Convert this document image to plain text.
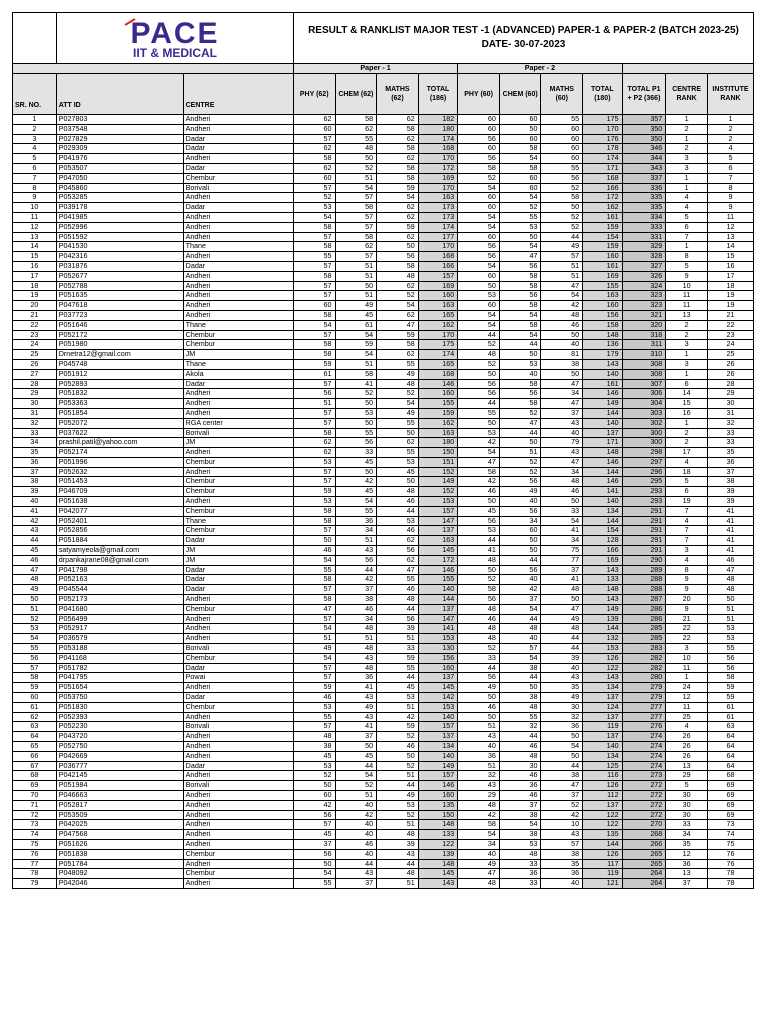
PACE
IIT & MEDICAL		RESULT & RANKLIST MAJOR TEST -1 (ADVANCED) PAPER-1 & PAPER-2 (BATCH 2023-25) DATE- 30-07-2023										
			Paper - 1				Paper - 2						
SR. NO.	ATT ID	CENTRE	PHY (62)	CHEM (62)	MATHS (62)	TOTAL (186)	PHY (60)	CHEM (60)	MATHS (60)	TOTAL (180)	TOTAL P1 + P2 (366)	CENTRE RANK	INSTITUTE RANK
1	P027803	Andheri	62	58	62	182	60	60	55	175	357	1	1
2	P037548	Andheri	60	62	58	180	60	50	60	170	350	2	2
3	P027829	Dadar	57	55	62	174	56	60	60	176	350	1	2
4	P029309	Dadar	62	48	58	168	60	58	60	178	346	2	4
5	P041976	Andheri	58	50	62	170	56	54	60	174	344	3	5
6	P053507	Dadar	62	52	58	172	58	58	55	171	343	3	6
7	P047050	Chembur	60	51	58	169	52	60	56	168	337	1	7
8	P045860	Borivali	57	54	59	170	54	60	52	166	336	1	8
9	P053285	Andheri	52	57	54	163	60	54	58	172	335	4	9
10	P039178	Dadar	53	58	62	173	60	52	50	162	335	4	9
11	P041985	Andheri	54	57	62	173	54	55	52	161	334	5	11
12	P052996	Andheri	58	57	59	174	54	53	52	159	333	6	12
13	P051592	Andheri	57	58	62	177	60	50	44	154	331	7	13
14	P041530	Thane	58	62	50	170	56	54	49	159	329	1	14
15	P042316	Andheri	55	57	56	168	56	47	57	160	328	8	15
16	P031876	Dadar	57	51	58	166	54	56	51	161	327	5	16
17	P052677	Andheri	58	51	48	157	60	58	51	169	326	9	17
18	P052788	Andheri	57	50	62	169	50	58	47	155	324	10	18
19	P051635	Andheri	57	51	52	160	53	56	54	163	323	11	19
20	P047618	Andheri	60	49	54	163	60	58	42	160	323	11	19
21	P037723	Andheri	58	45	62	165	54	54	48	156	321	13	21
22	P051646	Thane	54	61	47	162	54	58	46	158	320	2	22
23	P052172	Chembur	57	54	59	170	44	54	50	148	318	2	23
24	P051980	Chembur	58	59	58	175	52	44	40	136	311	3	24
25	Drnetra12@gmail.com	JM	58	54	62	174	48	50	81	179	310	1	25
26	P045748	Thane	59	51	55	165	52	53	38	143	308	3	26
27	P051912	Akola	61	58	49	168	50	40	50	140	308	1	26
28	P052893	Dadar	57	41	48	146	56	58	47	161	307	6	28
29	P051832	Andheri	56	52	52	160	56	56	34	146	306	14	29
30	P053363	Andheri	51	50	54	155	44	58	47	149	304	15	30
31	P051854	Andheri	57	53	49	159	55	52	37	144	303	16	31
32	P052072	RGA center	57	50	55	162	50	47	43	140	302	1	32
33	P037622	Borivali	58	55	50	163	53	44	40	137	300	2	33
34	prashil.patil@yahoo.com	JM	62	56	62	180	42	50	79	171	300	2	33
35	P052174	Andheri	62	33	55	150	54	51	43	148	298	17	35
36	P051996	Chembur	53	45	53	151	47	52	47	146	297	4	36
37	P052632	Andheri	57	50	45	152	58	52	34	144	296	18	37
38	P051453	Chembur	57	42	50	149	42	56	48	146	295	5	38
39	P046709	Chembur	59	45	48	152	46	49	46	141	293	6	39
40	P051638	Andheri	53	54	46	153	50	40	50	140	293	19	39
41	P042077	Chembur	58	55	44	157	45	56	33	134	291	7	41
42	P052401	Thane	58	36	53	147	56	34	54	144	291	4	41
43	P052856	Chembur	57	34	46	137	53	60	41	154	291	7	41
44	P051884	Dadar	50	51	62	163	44	50	34	128	291	7	41
45	satyamyeola@gmail.com	JM	46	43	56	145	41	50	75	166	291	3	41
46	drpankajrane08@gmail.com	JM	54	56	62	172	48	44	77	169	290	4	46
47	P041798	Dadar	55	44	47	146	50	56	37	143	289	8	47
48	P052163	Dadar	58	42	55	155	52	40	41	133	288	9	48
49	P045544	Dadar	57	37	46	140	58	42	48	148	288	9	48
50	P052173	Andheri	58	38	48	144	56	37	50	143	287	20	50
51	P041680	Chembur	47	46	44	137	48	54	47	149	286	9	51
52	P056499	Andheri	57	34	56	147	46	44	49	139	286	21	51
53	P052917	Andheri	54	48	39	141	48	48	48	144	285	22	53
54	P036579	Andheri	51	51	51	153	48	40	44	132	285	22	53
55	P053188	Borivali	49	48	33	130	52	57	44	153	283	3	55
56	P041168	Chembur	54	43	59	156	33	54	39	126	282	10	56
57	P051782	Dadar	57	48	55	160	44	38	40	122	282	11	56
58	P041795	Powai	57	36	44	137	56	44	43	143	280	1	58
59	P051654	Andheri	59	41	45	145	49	50	35	134	279	24	59
60	P053750	Dadar	46	43	53	142	50	38	49	137	279	12	59
61	P051830	Chembur	53	49	51	153	46	48	30	124	277	11	61
62	P052393	Andheri	55	43	42	140	50	55	32	137	277	25	61
63	P052230	Borivali	57	41	59	157	51	32	36	119	276	4	63
64	P043720	Andheri	48	37	52	137	43	44	50	137	274	26	64
65	P052750	Andheri	38	50	46	134	40	46	54	140	274	26	64
66	P042669	Andheri	45	45	50	140	36	48	50	134	274	26	64
67	P036777	Dadar	53	44	52	149	51	30	44	125	274	13	64
68	P042145	Andheri	52	54	51	157	32	46	38	116	273	29	68
69	P051984	Borivali	50	52	44	146	43	36	47	126	272	5	69
70	P046663	Andheri	60	51	49	160	29	46	37	112	272	30	69
71	P052817	Andheri	42	40	53	135	48	37	52	137	272	30	69
72	P053509	Andheri	56	42	52	150	42	38	42	122	272	30	69
73	P042025	Andheri	57	40	51	148	58	54	10	122	270	33	73
74	P047568	Andheri	45	40	48	133	54	38	43	135	268	34	74
75	P051626	Andheri	37	46	39	122	34	53	57	144	266	35	75
76	P051838	Chembur	56	40	43	139	40	48	38	126	265	12	76
77	P051784	Andheri	50	44	44	148	49	33	35	117	265	36	76
78	P048092	Chembur	54	43	48	145	47	36	36	119	264	13	78
79	P042046	Andheri	55	37	51	143	48	33	40	121	264	37	78
